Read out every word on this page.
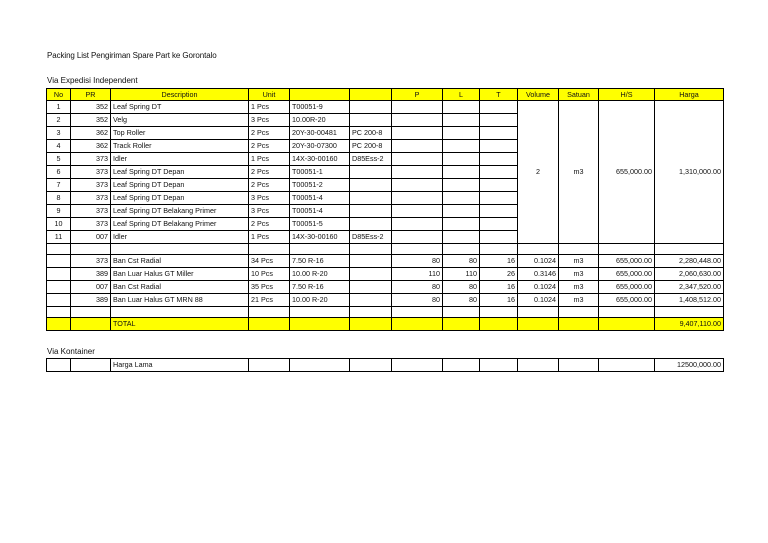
Packing List Pengiriman Spare Part ke Gorontalo
Via Expedisi Independent
No	PR	Description	Unit			P	L	T	Volume	Satuan	H/S	Harga
1	352	Leaf Spring DT	1 Pcs	T00051-9					2	m3	655,000.00	1,310,000.00
2	352	Velg	3 Pcs	10.00R-20								
3	362	Top Roller	2 Pcs	20Y-30-00481	PC 200-8							
4	362	Track Roller	2 Pcs	20Y-30-07300	PC 200-8							
5	373	Idler	1 Pcs	14X-30-00160	D85Ess-2							
6	373	Leaf Spring DT Depan	2 Pcs	T00051-1								
7	373	Leaf Spring DT Depan	2 Pcs	T00051-2								
8	373	Leaf Spring DT Depan	3 Pcs	T00051-4								
9	373	Leaf Spring DT Belakang Primer	3 Pcs	T00051-4								
10	373	Leaf Spring DT Belakang Primer	2 Pcs	T00051-5								
11	007	Idler	1 Pcs	14X-30-00160	D85Ess-2							

	373	Ban Cst Radial	34 Pcs	7.50 R-16		80	80	16	0.1024	m3	655,000.00	2,280,448.00
	389	Ban Luar Halus GT Miller	10 Pcs	10.00 R-20		110	110	26	0.3146	m3	655,000.00	2,060,630.00
	007	Ban Cst Radial	35 Pcs	7.50 R-16		80	80	16	0.1024	m3	655,000.00	2,347,520.00
	389	Ban Luar Halus GT MRN 88	21 Pcs	10.00 R-20		80	80	16	0.1024	m3	655,000.00	1,408,512.00

		TOTAL										9,407,110.00
Via Kontainer
		Harga Lama										12500,000.00
